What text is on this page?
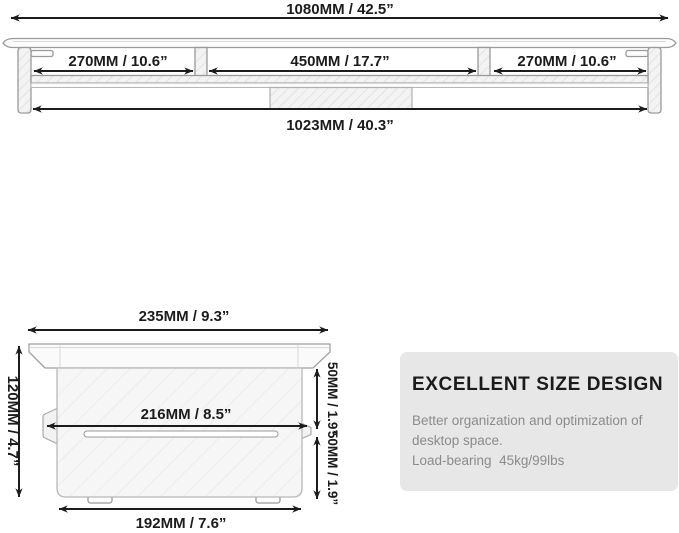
1080MM / 42.5”
270MM / 10.6”	450MM / 17.7”	270MM / 10.6”
1023MM / 40.3”
235MM / 9.3”
216MM / 8.5”
120MM / 4.7”	50MM / 1.9”
50MM / 1.9”
192MM / 7.6”
EXCELLENT SIZE DESIGN
Better organization and optimization of
desktop space.
Load-bearing  45kg/99lbs
